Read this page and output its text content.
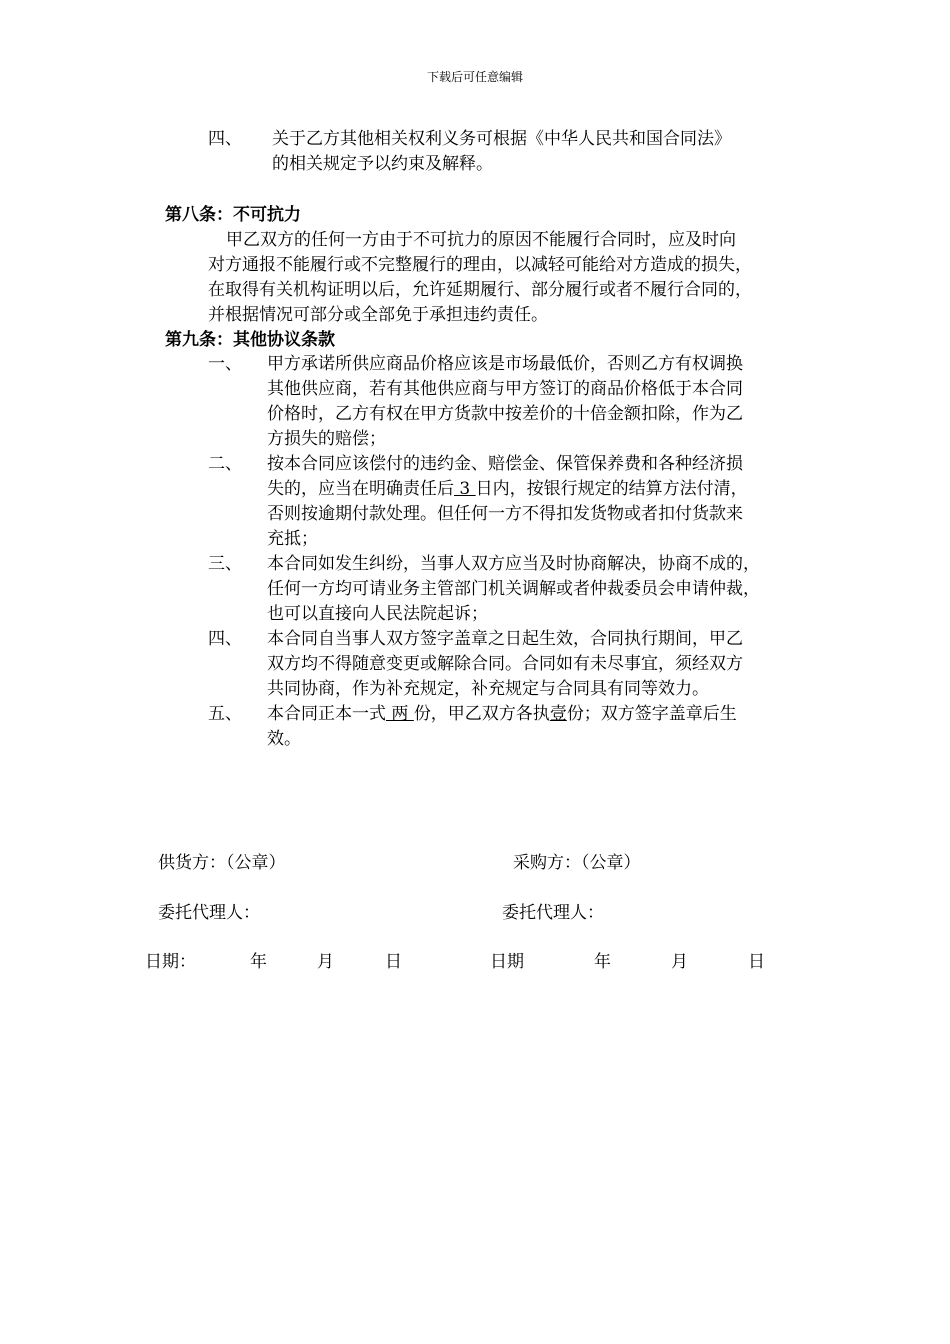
下载后可任意编辑
四、 关于乙方其他相关权利义务可根据《中华人民共和国合同法》
的相关规定予以约束及解释。
第八条：不可抗力
甲乙双方的任何一方由于不可抗力的原因不能履行合同时，应及时向
对方通报不能履行或不完整履行的理由，以减轻可能给对方造成的损失，
在取得有关机构证明以后，允许延期履行、部分履行或者不履行合同的，
并根据情况可部分或全部免于承担违约责任。
第九条：其他协议条款
一、 甲方承诺所供应商品价格应该是市场最低价，否则乙方有权调换
其他供应商，若有其他供应商与甲方签订的商品价格低于本合同
价格时，乙方有权在甲方货款中按差价的十倍金额扣除，作为乙
方损失的赔偿；
二、 按本合同应该偿付的违约金、赔偿金、保管保养费和各种经济损
失的，应当在明确责任后 3 日内，按银行规定的结算方法付清，
否则按逾期付款处理。但任何一方不得扣发货物或者扣付货款来
充抵；
三、 本合同如发生纠纷，当事人双方应当及时协商解决，协商不成的，
任何一方均可请业务主管部门机关调解或者仲裁委员会申请仲裁，
也可以直接向人民法院起诉；
四、 本合同自当事人双方签字盖章之日起生效，合同执行期间，甲乙
双方均不得随意变更或解除合同。合同如有未尽事宜，须经双方
共同协商，作为补充规定，补充规定与合同具有同等效力。
五、 本合同正本一式 两 份，甲乙双方各执壹份；双方签字盖章后生
效。
供货方：（公章）	采购方：（公章）
委托代理人：	委托代理人：
日期：	年	月	日	日期	年	月	日
